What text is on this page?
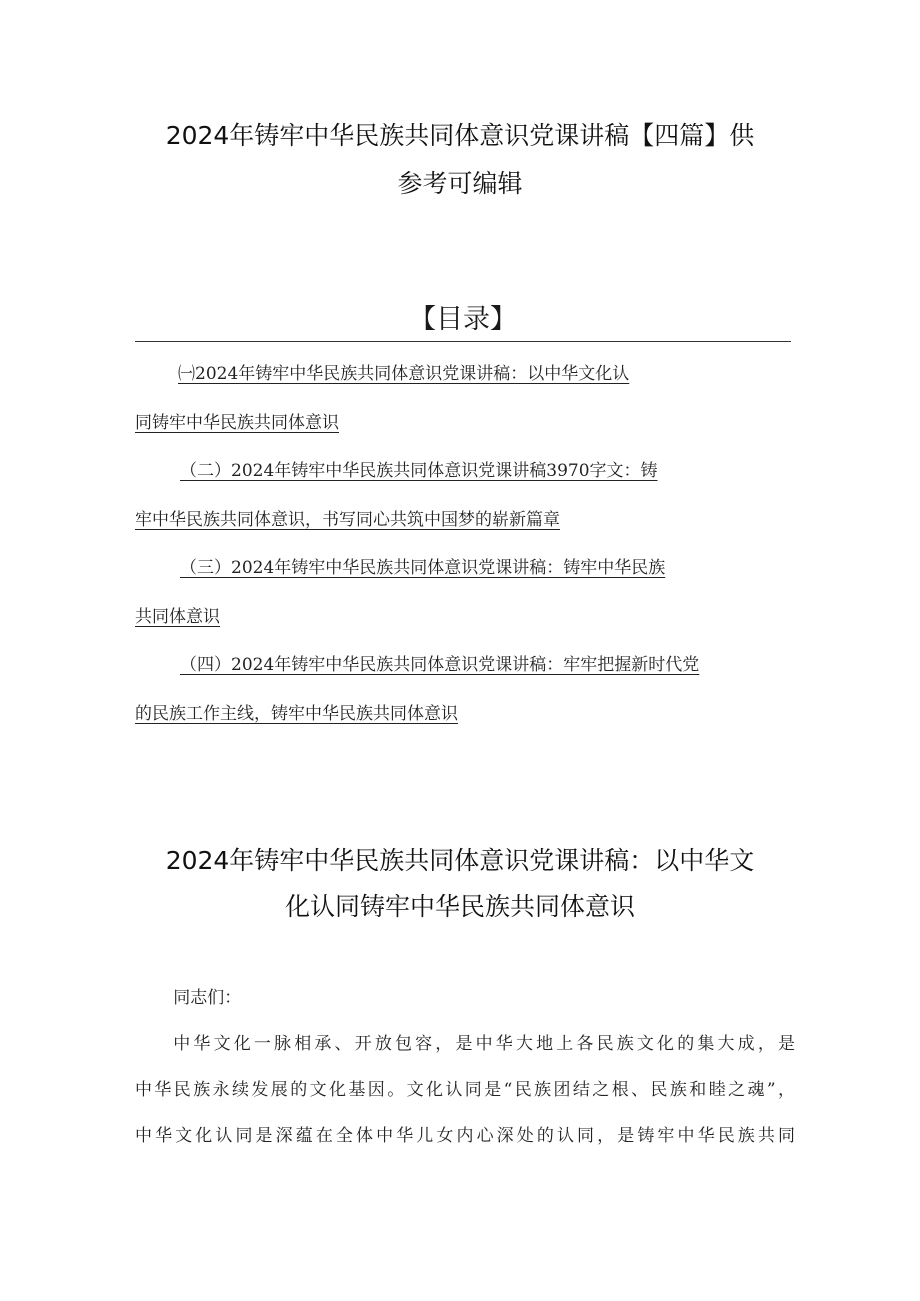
2024年铸牢中华民族共同体意识党课讲稿【四篇】供
参考可编辑
【目录】
㈠2024年铸牢中华民族共同体意识党课讲稿：以中华文化认
同铸牢中华民族共同体意识
（二）2024年铸牢中华民族共同体意识党课讲稿3970字文：铸
牢中华民族共同体意识，书写同心共筑中国梦的崭新篇章
（三）2024年铸牢中华民族共同体意识党课讲稿：铸牢中华民族
共同体意识
（四）2024年铸牢中华民族共同体意识党课讲稿：牢牢把握新时代党
的民族工作主线，铸牢中华民族共同体意识
2024年铸牢中华民族共同体意识党课讲稿：以中华文
化认同铸牢中华民族共同体意识

同志们：

中华文化一脉相承、开放包容，是中华大地上各民族文化的集大成，是

中华民族永续发展的文化基因。文化认同是“民族团结之根、民族和睦之魂”，

中华文化认同是深蕴在全体中华儿女内心深处的认同，是铸牢中华民族共同
